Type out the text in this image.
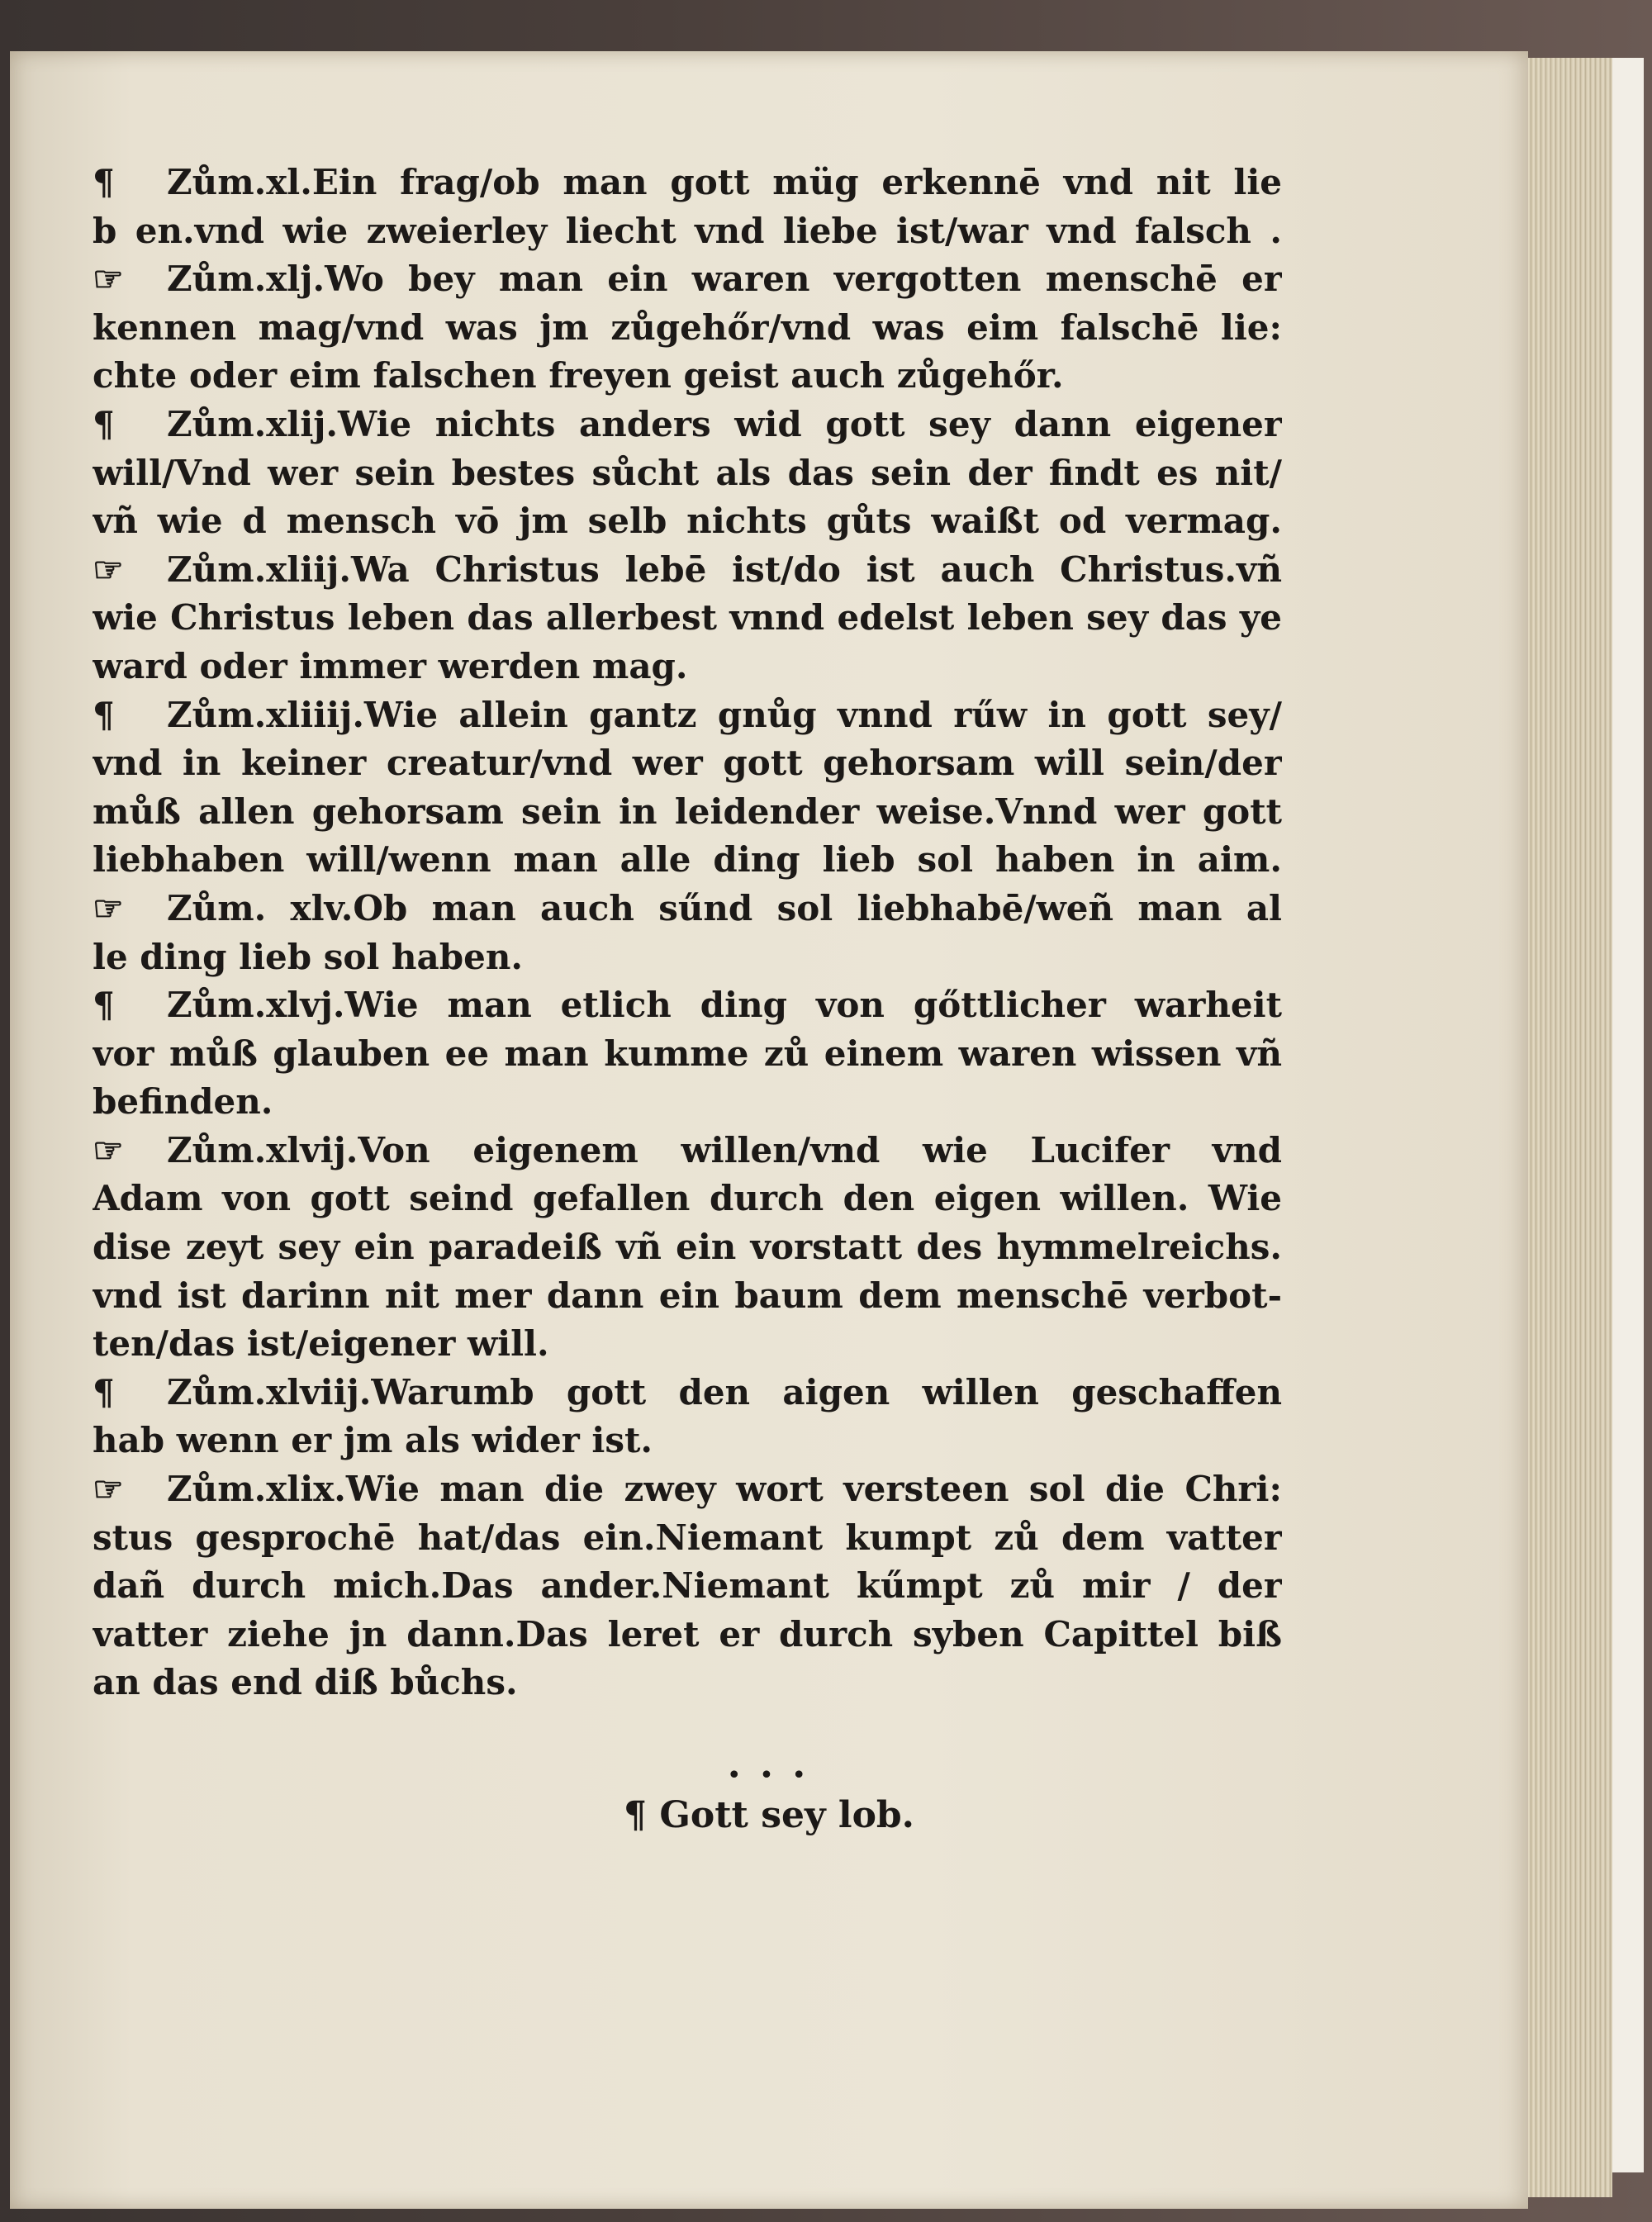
¶ Zům.xl.Ein frag/ob man gott müg erkennē vnd nit lie
b en.vnd wie zweierley liecht vnd liebe ist/war vnd falsch .
☞ Zům.xlj.Wo bey man ein waren vergotten menschē er
kennen mag/vnd was jm zůgehőr/vnd was eim falschē lie:
chte oder eim falschen freyen geist auch zůgehőr.
¶ Zům.xlij.Wie nichts anders wid gott sey dann eigener
will/Vnd wer sein bestes sůcht als das sein der findt es nit/
vñ wie d mensch vō jm selb nichts gůts waißt od vermag.
☞ Zům.xliij.Wa Christus lebē ist/do ist auch Christus.vñ
wie Christus leben das allerbest vnnd edelst leben sey das ye
ward oder immer werden mag.
¶ Zům.xliiij.Wie allein gantz gnůg vnnd rűw in gott sey/
vnd in keiner creatur/vnd wer gott gehorsam will sein/der
můß allen gehorsam sein in leidender weise.Vnnd wer gott
liebhaben will/wenn man alle ding lieb sol haben in aim.
☞ Zům. xlv.Ob man auch sűnd sol liebhabē/weñ man al
le ding lieb sol haben.
¶ Zům.xlvj.Wie man etlich ding von gőttlicher warheit
vor můß glauben ee man kumme zů einem waren wissen vñ
befinden.
☞ Zům.xlvij.Von eigenem willen/vnd wie Lucifer vnd
Adam von gott seind gefallen durch den eigen willen. Wie
dise zeyt sey ein paradeiß vñ ein vorstatt des hymmelreichs.
vnd ist darinn nit mer dann ein baum dem menschē verbot-
ten/das ist/eigener will.
¶ Zům.xlviij.Warumb gott den aigen willen geschaffen
hab wenn er jm als wider ist.
☞ Zům.xlix.Wie man die zwey wort versteen sol die Chri:
stus gesprochē hat/das ein.Niemant kumpt zů dem vatter
dañ durch mich.Das ander.Niemant kűmpt zů mir / der
vatter ziehe jn dann.Das leret er durch syben Capittel biß
an das end diß bůchs.
• • •
¶ Gott sey lob.
